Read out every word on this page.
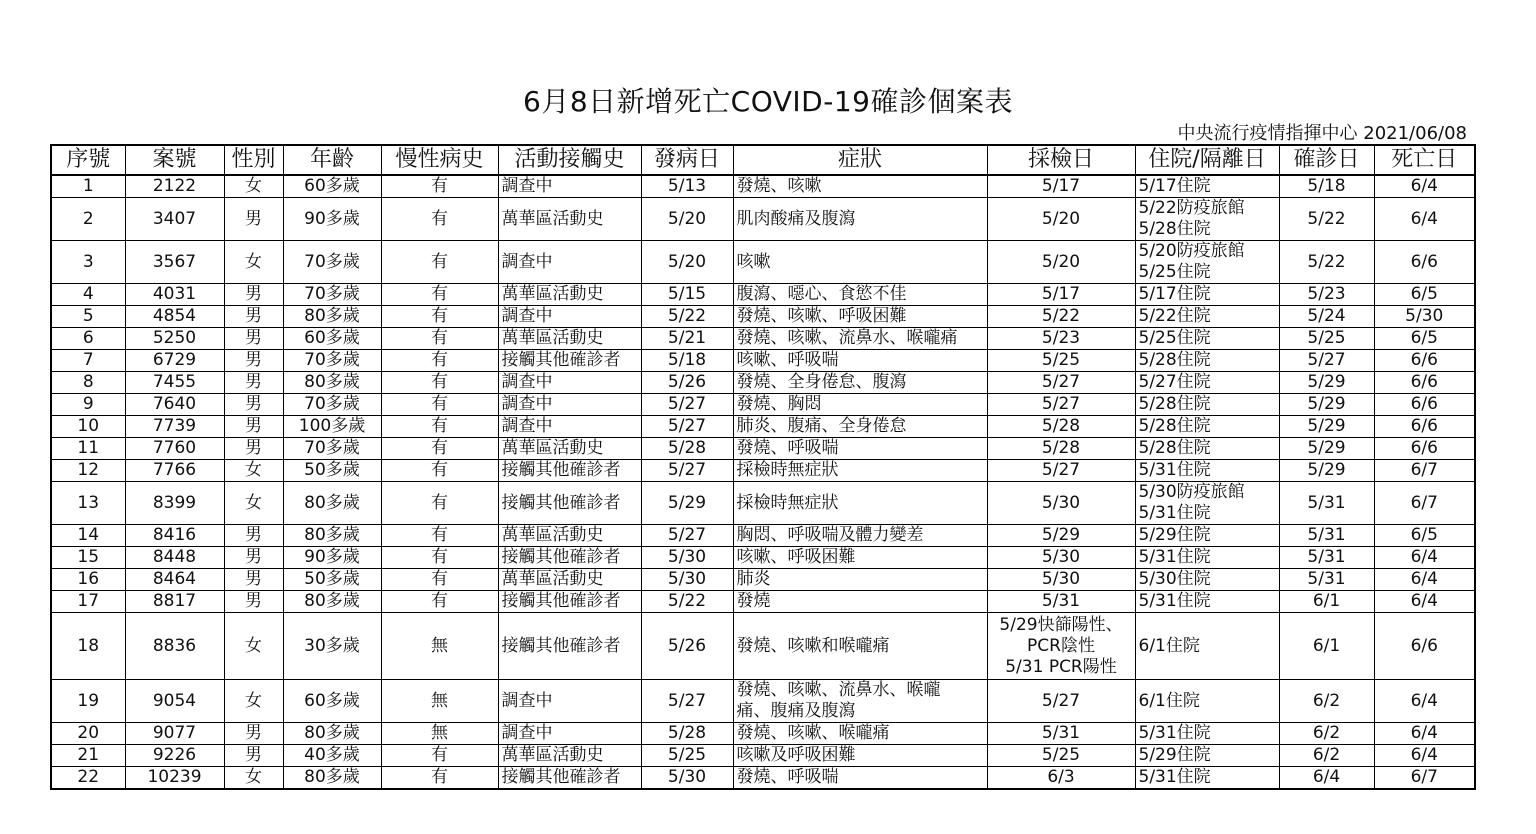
6月8日新增死亡COVID-19確診個案表
中央流行疫情指揮中心 2021/06/08
序號	案號	性別	年齡	慢性病史	活動接觸史	發病日	症狀	採檢日	住院/隔離日	確診日	死亡日
1	2122	女	60多歲	有	調查中	5/13	發燒、咳嗽	5/17	5/17住院	5/18	6/4
2	3407	男	90多歲	有	萬華區活動史	5/20	肌肉酸痛及腹瀉	5/20	5/22防疫旅館
5/28住院	5/22	6/4
3	3567	女	70多歲	有	調查中	5/20	咳嗽	5/20	5/20防疫旅館
5/25住院	5/22	6/6
4	4031	男	70多歲	有	萬華區活動史	5/15	腹瀉、噁心、食慾不佳	5/17	5/17住院	5/23	6/5
5	4854	男	80多歲	有	調查中	5/22	發燒、咳嗽、呼吸困難	5/22	5/22住院	5/24	5/30
6	5250	男	60多歲	有	萬華區活動史	5/21	發燒、咳嗽、流鼻水、喉嚨痛	5/23	5/25住院	5/25	6/5
7	6729	男	70多歲	有	接觸其他確診者	5/18	咳嗽、呼吸喘	5/25	5/28住院	5/27	6/6
8	7455	男	80多歲	有	調查中	5/26	發燒、全身倦怠、腹瀉	5/27	5/27住院	5/29	6/6
9	7640	男	70多歲	有	調查中	5/27	發燒、胸悶	5/27	5/28住院	5/29	6/6
10	7739	男	100多歲	有	調查中	5/27	肺炎、腹痛、全身倦怠	5/28	5/28住院	5/29	6/6
11	7760	男	70多歲	有	萬華區活動史	5/28	發燒、呼吸喘	5/28	5/28住院	5/29	6/6
12	7766	女	50多歲	有	接觸其他確診者	5/27	採檢時無症狀	5/27	5/31住院	5/29	6/7
13	8399	女	80多歲	有	接觸其他確診者	5/29	採檢時無症狀	5/30	5/30防疫旅館
5/31住院	5/31	6/7
14	8416	男	80多歲	有	萬華區活動史	5/27	胸悶、呼吸喘及體力變差	5/29	5/29住院	5/31	6/5
15	8448	男	90多歲	有	接觸其他確診者	5/30	咳嗽、呼吸困難	5/30	5/31住院	5/31	6/4
16	8464	男	50多歲	有	萬華區活動史	5/30	肺炎	5/30	5/30住院	5/31	6/4
17	8817	男	80多歲	有	接觸其他確診者	5/22	發燒	5/31	5/31住院	6/1	6/4
18	8836	女	30多歲	無	接觸其他確診者	5/26	發燒、咳嗽和喉嚨痛	5/29快篩陽性、
PCR陰性
5/31 PCR陽性	6/1住院	6/1	6/6
19	9054	女	60多歲	無	調查中	5/27	發燒、咳嗽、流鼻水、喉嚨
痛、腹痛及腹瀉	5/27	6/1住院	6/2	6/4
20	9077	男	80多歲	無	調查中	5/28	發燒、咳嗽、喉嚨痛	5/31	5/31住院	6/2	6/4
21	9226	男	40多歲	有	萬華區活動史	5/25	咳嗽及呼吸困難	5/25	5/29住院	6/2	6/4
22	10239	女	80多歲	有	接觸其他確診者	5/30	發燒、呼吸喘	6/3	5/31住院	6/4	6/7
